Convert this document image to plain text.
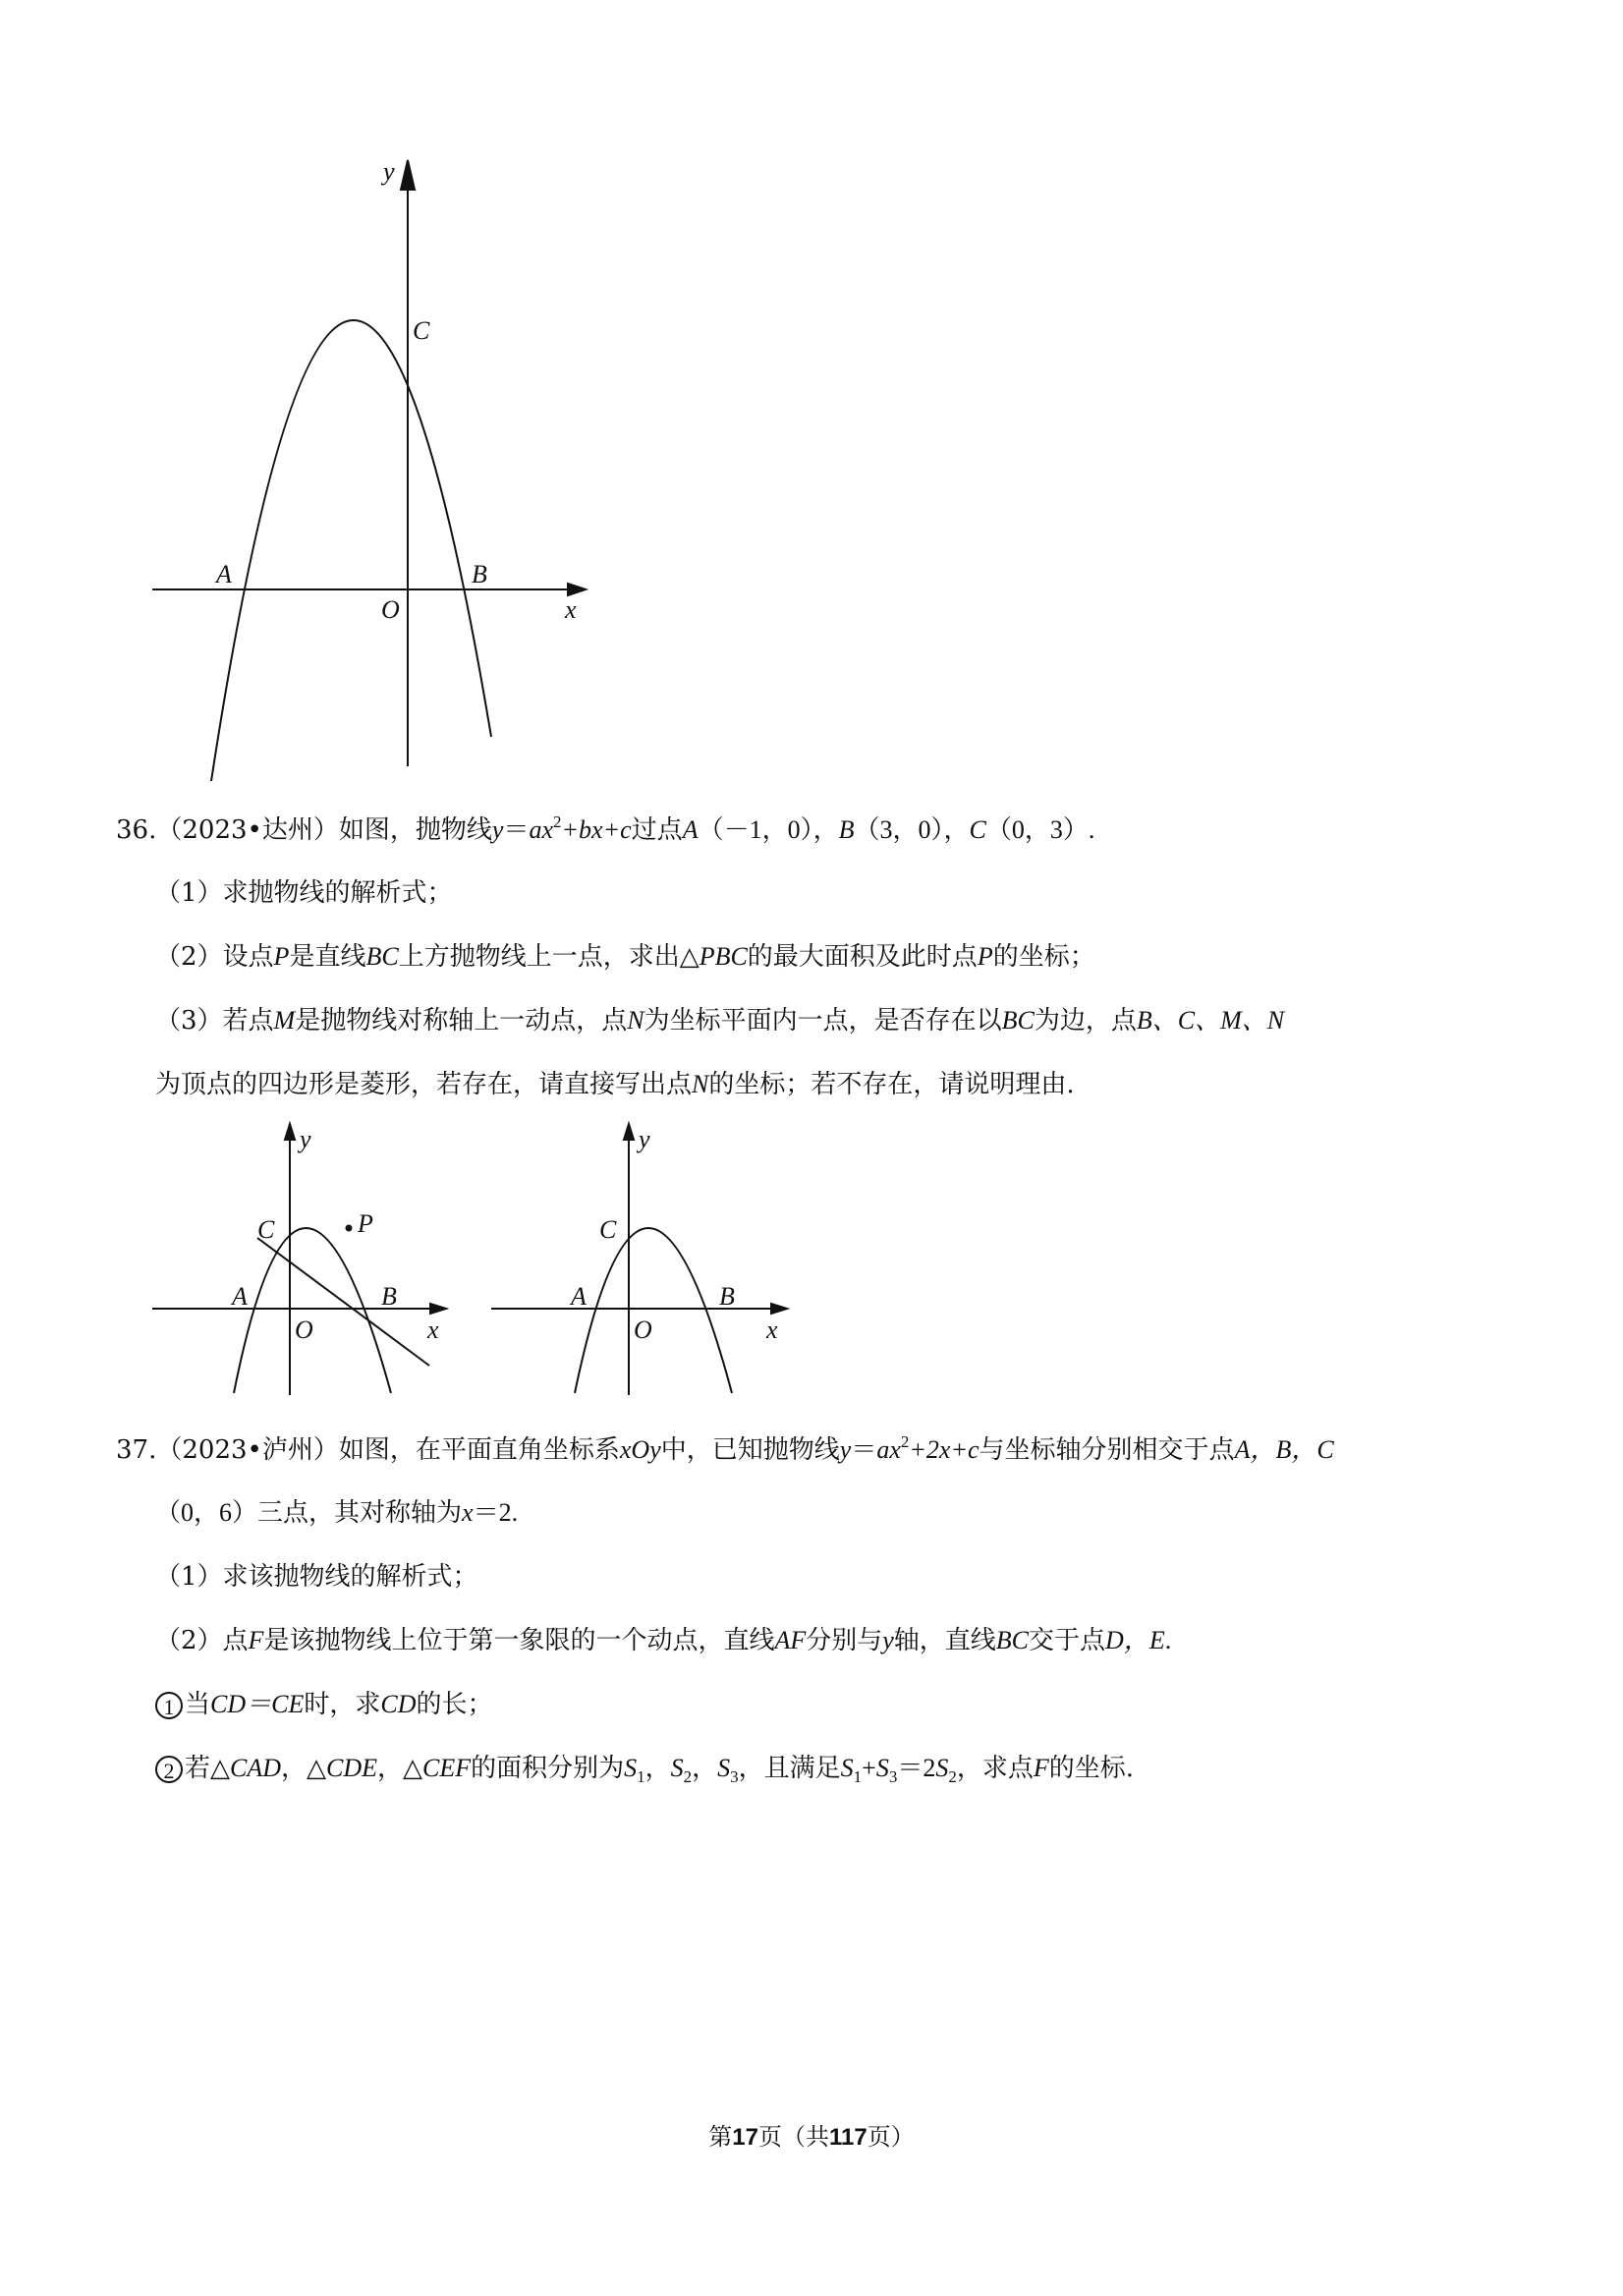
y
C
A	B
O	x
36.（2023•达州）如图，抛物线$y=ax^2+bx+c$过点A（－1，0），B（3，0），C（0，3）.
（1）求抛物线的解析式；
（2）设点P是直线BC上方抛物线上一点，求出△PBC的最大面积及此时点P的坐标；
（3）若点M是抛物线对称轴上一动点，点N为坐标平面内一点，是否存在以BC为边，点B、C、M、N
为顶点的四边形是菱形，若存在，请直接写出点N的坐标；若不存在，请说明理由.
y
C	P
A	B
O	x
y
C
A	B
O	x
37.（2023•泸州）如图，在平面直角坐标系xOy中，已知抛物线$y=ax^2+2x+c$与坐标轴分别相交于点A，B，C
（0，6）三点，其对称轴为x＝2.
（1）求该抛物线的解析式；
（2）点F是该抛物线上位于第一象限的一个动点，直线AF分别与y轴，直线BC交于点D，E.
1 当CD＝CE时，求CD的长；
2 若△CAD，△CDE，△CEF的面积分别为$S_1$，$S_2$，$S_3$，且满足$S_1+S_3=2S_2$，求点F的坐标.
第17页（共117页）
